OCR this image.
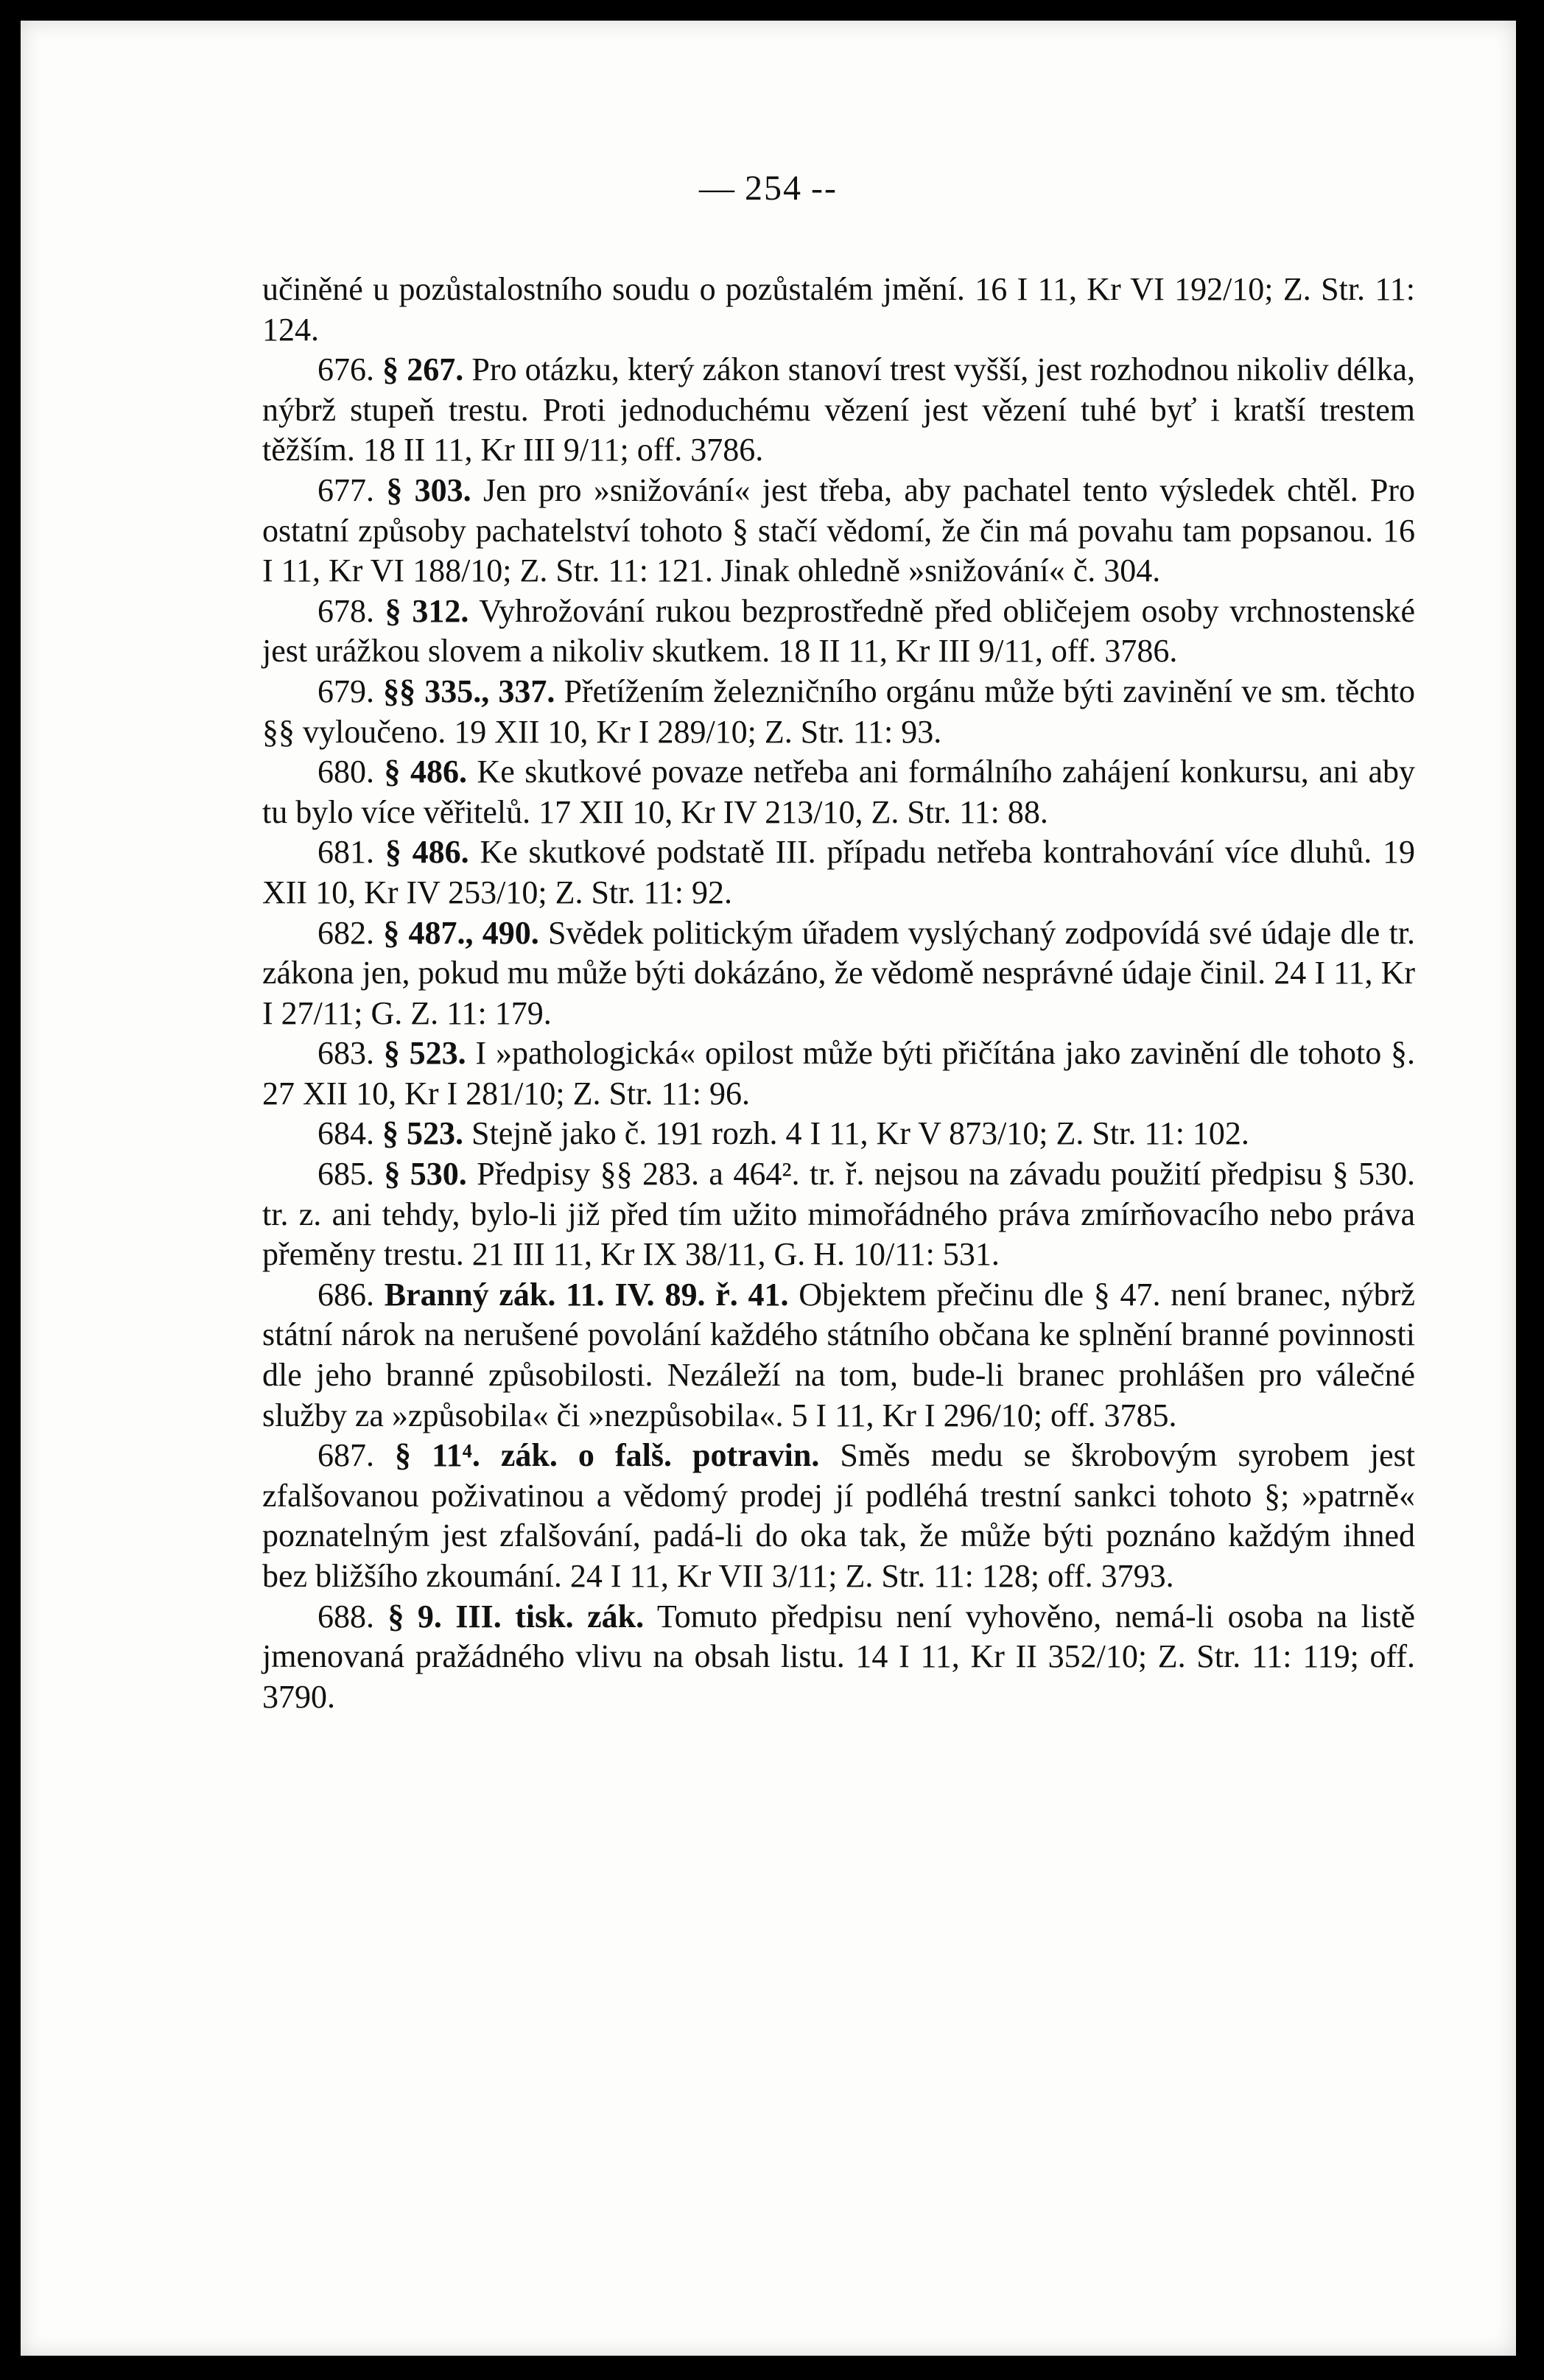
— 254 --

učiněné u pozůstalostního soudu o pozůstalém jmění. 16 I 11, Kr VI 192/10; Z. Str. 11: 124.

676. § 267. Pro otázku, který zákon stanoví trest vyšší, jest rozhodnou nikoliv délka, nýbrž stupeň trestu. Proti jednoduchému vězení jest vězení tuhé byť i kratší trestem těžším. 18 II 11, Kr III 9/11; off. 3786.

677. § 303. Jen pro »snižování« jest třeba, aby pachatel tento výsledek chtěl. Pro ostatní způsoby pachatelství tohoto § stačí vědomí, že čin má povahu tam popsanou. 16 I 11, Kr VI 188/10; Z. Str. 11: 121. Jinak ohledně »snižování« č. 304.

678. § 312. Vyhrožování rukou bezprostředně před obličejem osoby vrchnostenské jest urážkou slovem a nikoliv skutkem. 18 II 11, Kr III 9/11, off. 3786.

679. §§ 335., 337. Přetížením železničního orgánu může býti zavinění ve sm. těchto §§ vyloučeno. 19 XII 10, Kr I 289/10; Z. Str. 11: 93.

680. § 486. Ke skutkové povaze netřeba ani formálního zahájení konkursu, ani aby tu bylo více věřitelů. 17 XII 10, Kr IV 213/10, Z. Str. 11: 88.

681. § 486. Ke skutkové podstatě III. případu netřeba kontrahování více dluhů. 19 XII 10, Kr IV 253/10; Z. Str. 11: 92.

682. § 487., 490. Svědek politickým úřadem vyslýchaný zodpovídá své údaje dle tr. zákona jen, pokud mu může býti dokázáno, že vědomě nesprávné údaje činil. 24 I 11, Kr I 27/11; G. Z. 11: 179.

683. § 523. I »pathologická« opilost může býti přičítána jako zavinění dle tohoto §. 27 XII 10, Kr I 281/10; Z. Str. 11: 96.

684. § 523. Stejně jako č. 191 rozh. 4 I 11, Kr V 873/10; Z. Str. 11: 102.

685. § 530. Předpisy §§ 283. a 464². tr. ř. nejsou na závadu použití předpisu § 530. tr. z. ani tehdy, bylo-li již před tím užito mimořádného práva zmírňovacího nebo práva přeměny trestu. 21 III 11, Kr IX 38/11, G. H. 10/11: 531.

686. Branný zák. 11. IV. 89. ř. 41. Objektem přečinu dle § 47. není branec, nýbrž státní nárok na nerušené povolání každého státního občana ke splnění branné povinnosti dle jeho branné způsobilosti. Nezáleží na tom, bude-li branec prohlášen pro válečné služby za »způsobila« či »nezpůsobila«. 5 I 11, Kr I 296/10; off. 3785.

687. § 11⁴. zák. o falš. potravin. Směs medu se škrobovým syrobem jest zfalšovanou poživatinou a vědomý prodej jí podléhá trestní sankci tohoto §; »patrně« poznatelným jest zfalšování, padá-li do oka tak, že může býti poznáno každým ihned bez bližšího zkoumání. 24 I 11, Kr VII 3/11; Z. Str. 11: 128; off. 3793.

688. § 9. III. tisk. zák. Tomuto předpisu není vyhověno, nemá-li osoba na listě jmenovaná pražádného vlivu na obsah listu. 14 I 11, Kr II 352/10; Z. Str. 11: 119; off. 3790.
